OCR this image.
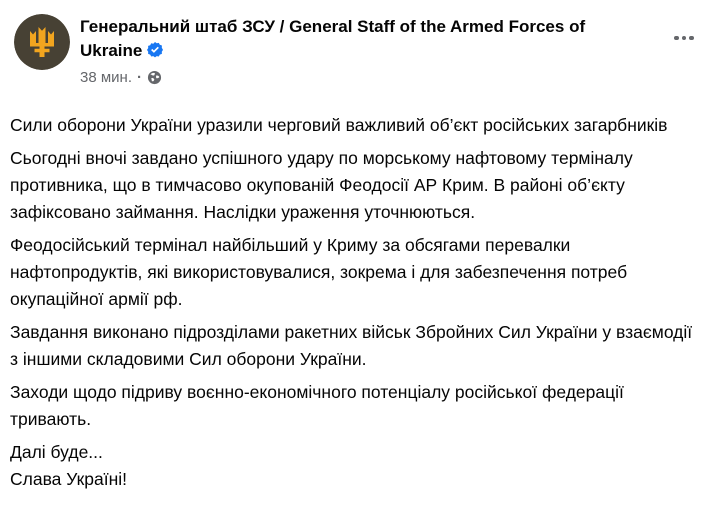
Генеральний штаб ЗСУ / General Staff of the Armed Forces of Ukraine
38 мин. ·

Сили оборони України уразили черговий важливий об’єкт російських загарбників

Сьогодні вночі завдано успішного удару по морському нафтовому терміналу противника, що в тимчасово окупованій Феодосії АР Крим. В районі об’єкту зафіксовано займання. Наслідки ураження уточнюються.

Феодосійський термінал найбільший у Криму за обсягами перевалки нафтопродуктів, які використовувалися, зокрема і для забезпечення потреб окупаційної армії рф.

Завдання виконано підрозділами ракетних військ Збройних Сил України у взаємодії з іншими складовими Сил оборони України.

Заходи щодо підриву воєнно-економічного потенціалу російської федерації тривають.

Далі буде...

Слава Україні!
